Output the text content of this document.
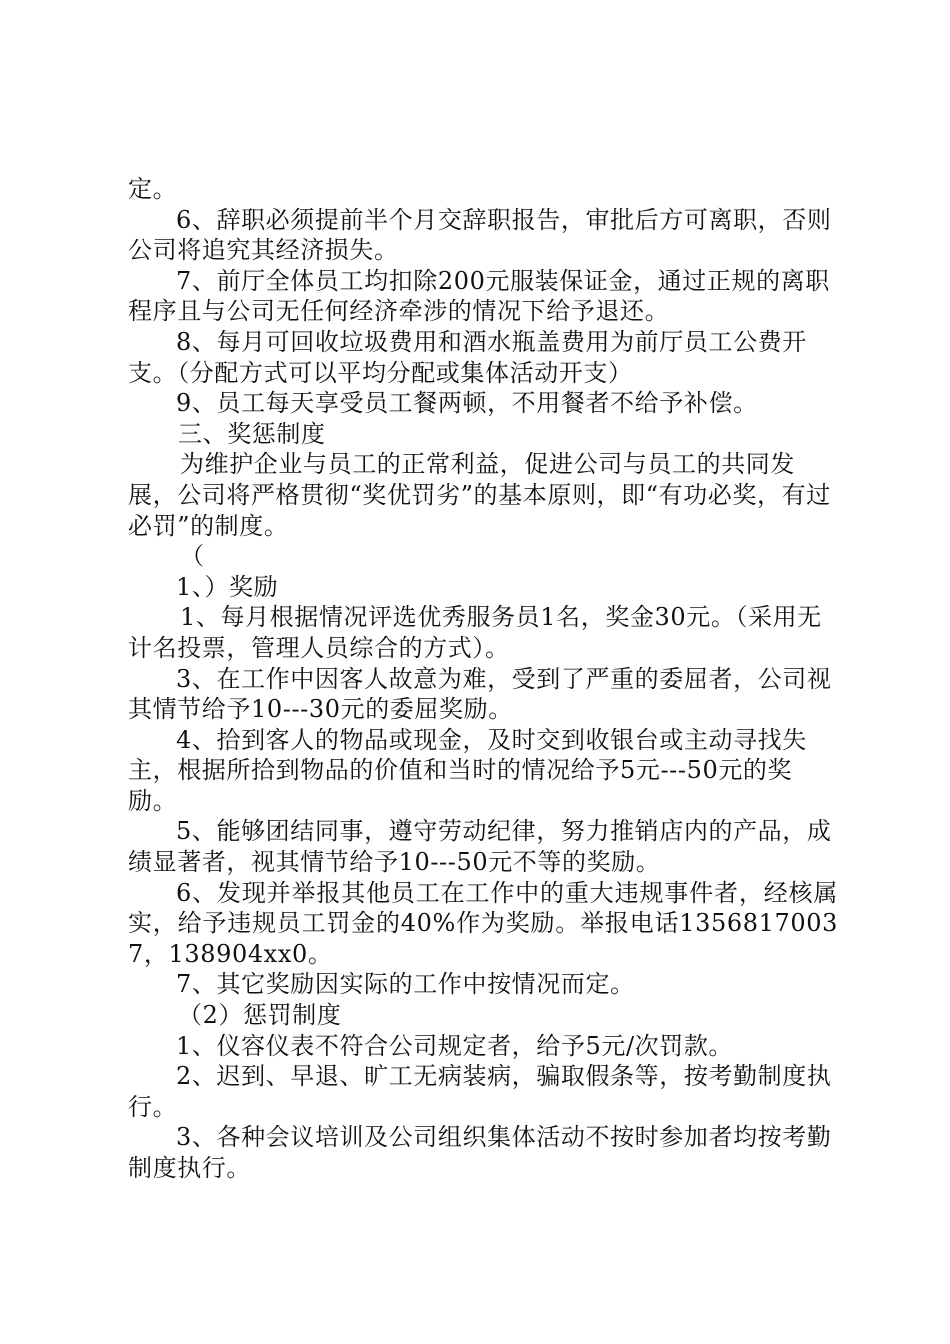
定。

6、辞职必须提前半个月交辞职报告，审批后方可离职，否则公司将追究其经济损失。

7、前厅全体员工均扣除200元服装保证金，通过正规的离职程序且与公司无任何经济牵涉的情况下给予退还。

8、每月可回收垃圾费用和酒水瓶盖费用为前厅员工公费开支。（分配方式可以平均分配或集体活动开支）

9、员工每天享受员工餐两顿，不用餐者不给予补偿。

三、奖惩制度

为维护企业与员工的正常利益，促进公司与员工的共同发展，公司将严格贯彻“奖优罚劣”的基本原则，即“有功必奖，有过必罚”的制度。

（

1、）奖励

1、每月根据情况评选优秀服务员1名，奖金30元。（采用无计名投票，管理人员综合的方式）。

3、在工作中因客人故意为难，受到了严重的委屈者，公司视其情节给予10---30元的委屈奖励。

4、拾到客人的物品或现金，及时交到收银台或主动寻找失主，根据所拾到物品的价值和当时的情况给予5元---50元的奖励。

5、能够团结同事，遵守劳动纪律，努力推销店内的产品，成绩显著者，视其情节给予10---50元不等的奖励。

6、发现并举报其他员工在工作中的重大违规事件者，经核属实，给予违规员工罚金的40%作为奖励。举报电话13568170037，138904xx0。

7、其它奖励因实际的工作中按情况而定。

（2）惩罚制度

1、仪容仪表不符合公司规定者，给予5元/次罚款。

2、迟到、早退、旷工无病装病，骗取假条等，按考勤制度执行。

3、各种会议培训及公司组织集体活动不按时参加者均按考勤制度执行。
